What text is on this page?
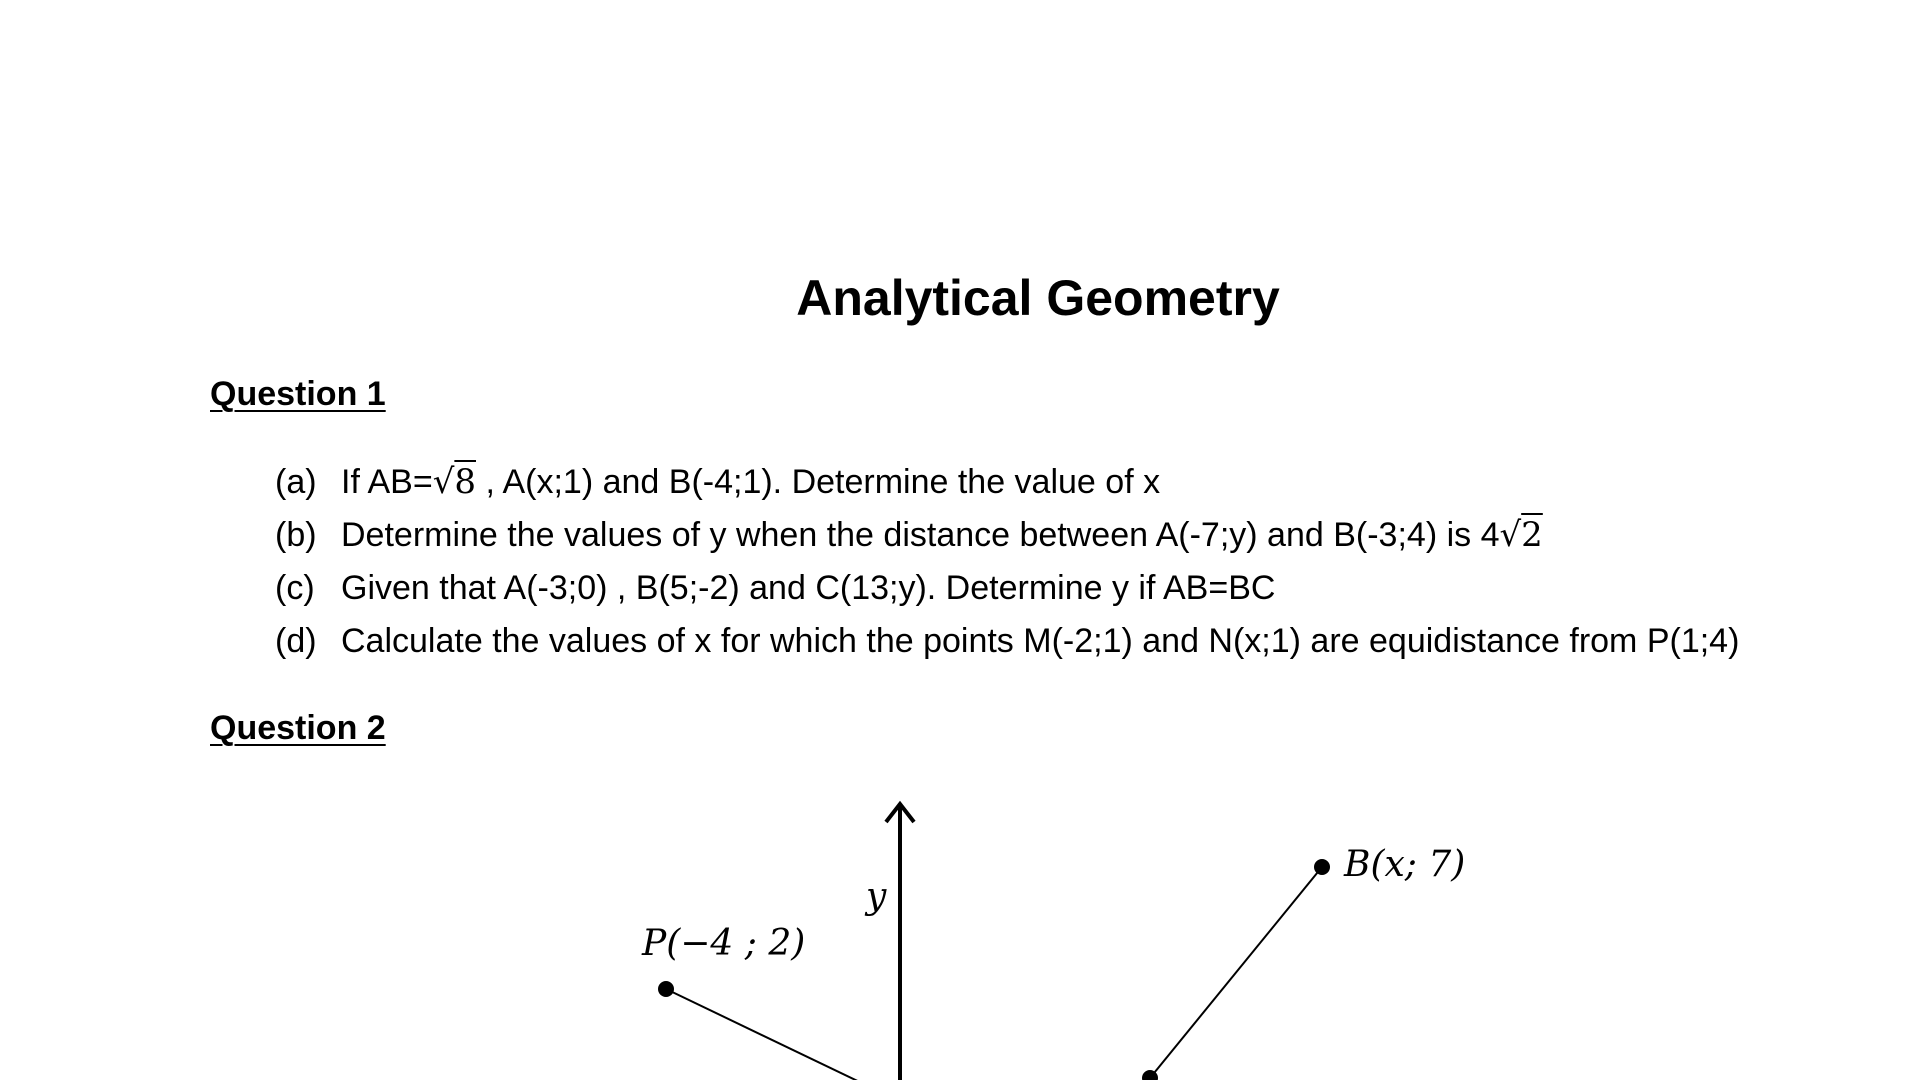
Analytical Geometry
Question 1
(a) If AB=√8 , A(x;1) and B(-4;1). Determine the value of x
(b) Determine the values of y when the distance between A(-7;y) and B(-3;4) is 4√2
(c) Given that A(-3;0) , B(5;-2) and C(13;y). Determine y if AB=BC
(d) Calculate the values of x for which the points M(-2;1) and N(x;1) are equidistance from P(1;4)
Question 2
y
P(−4 ; 2)
B(x; 7)
